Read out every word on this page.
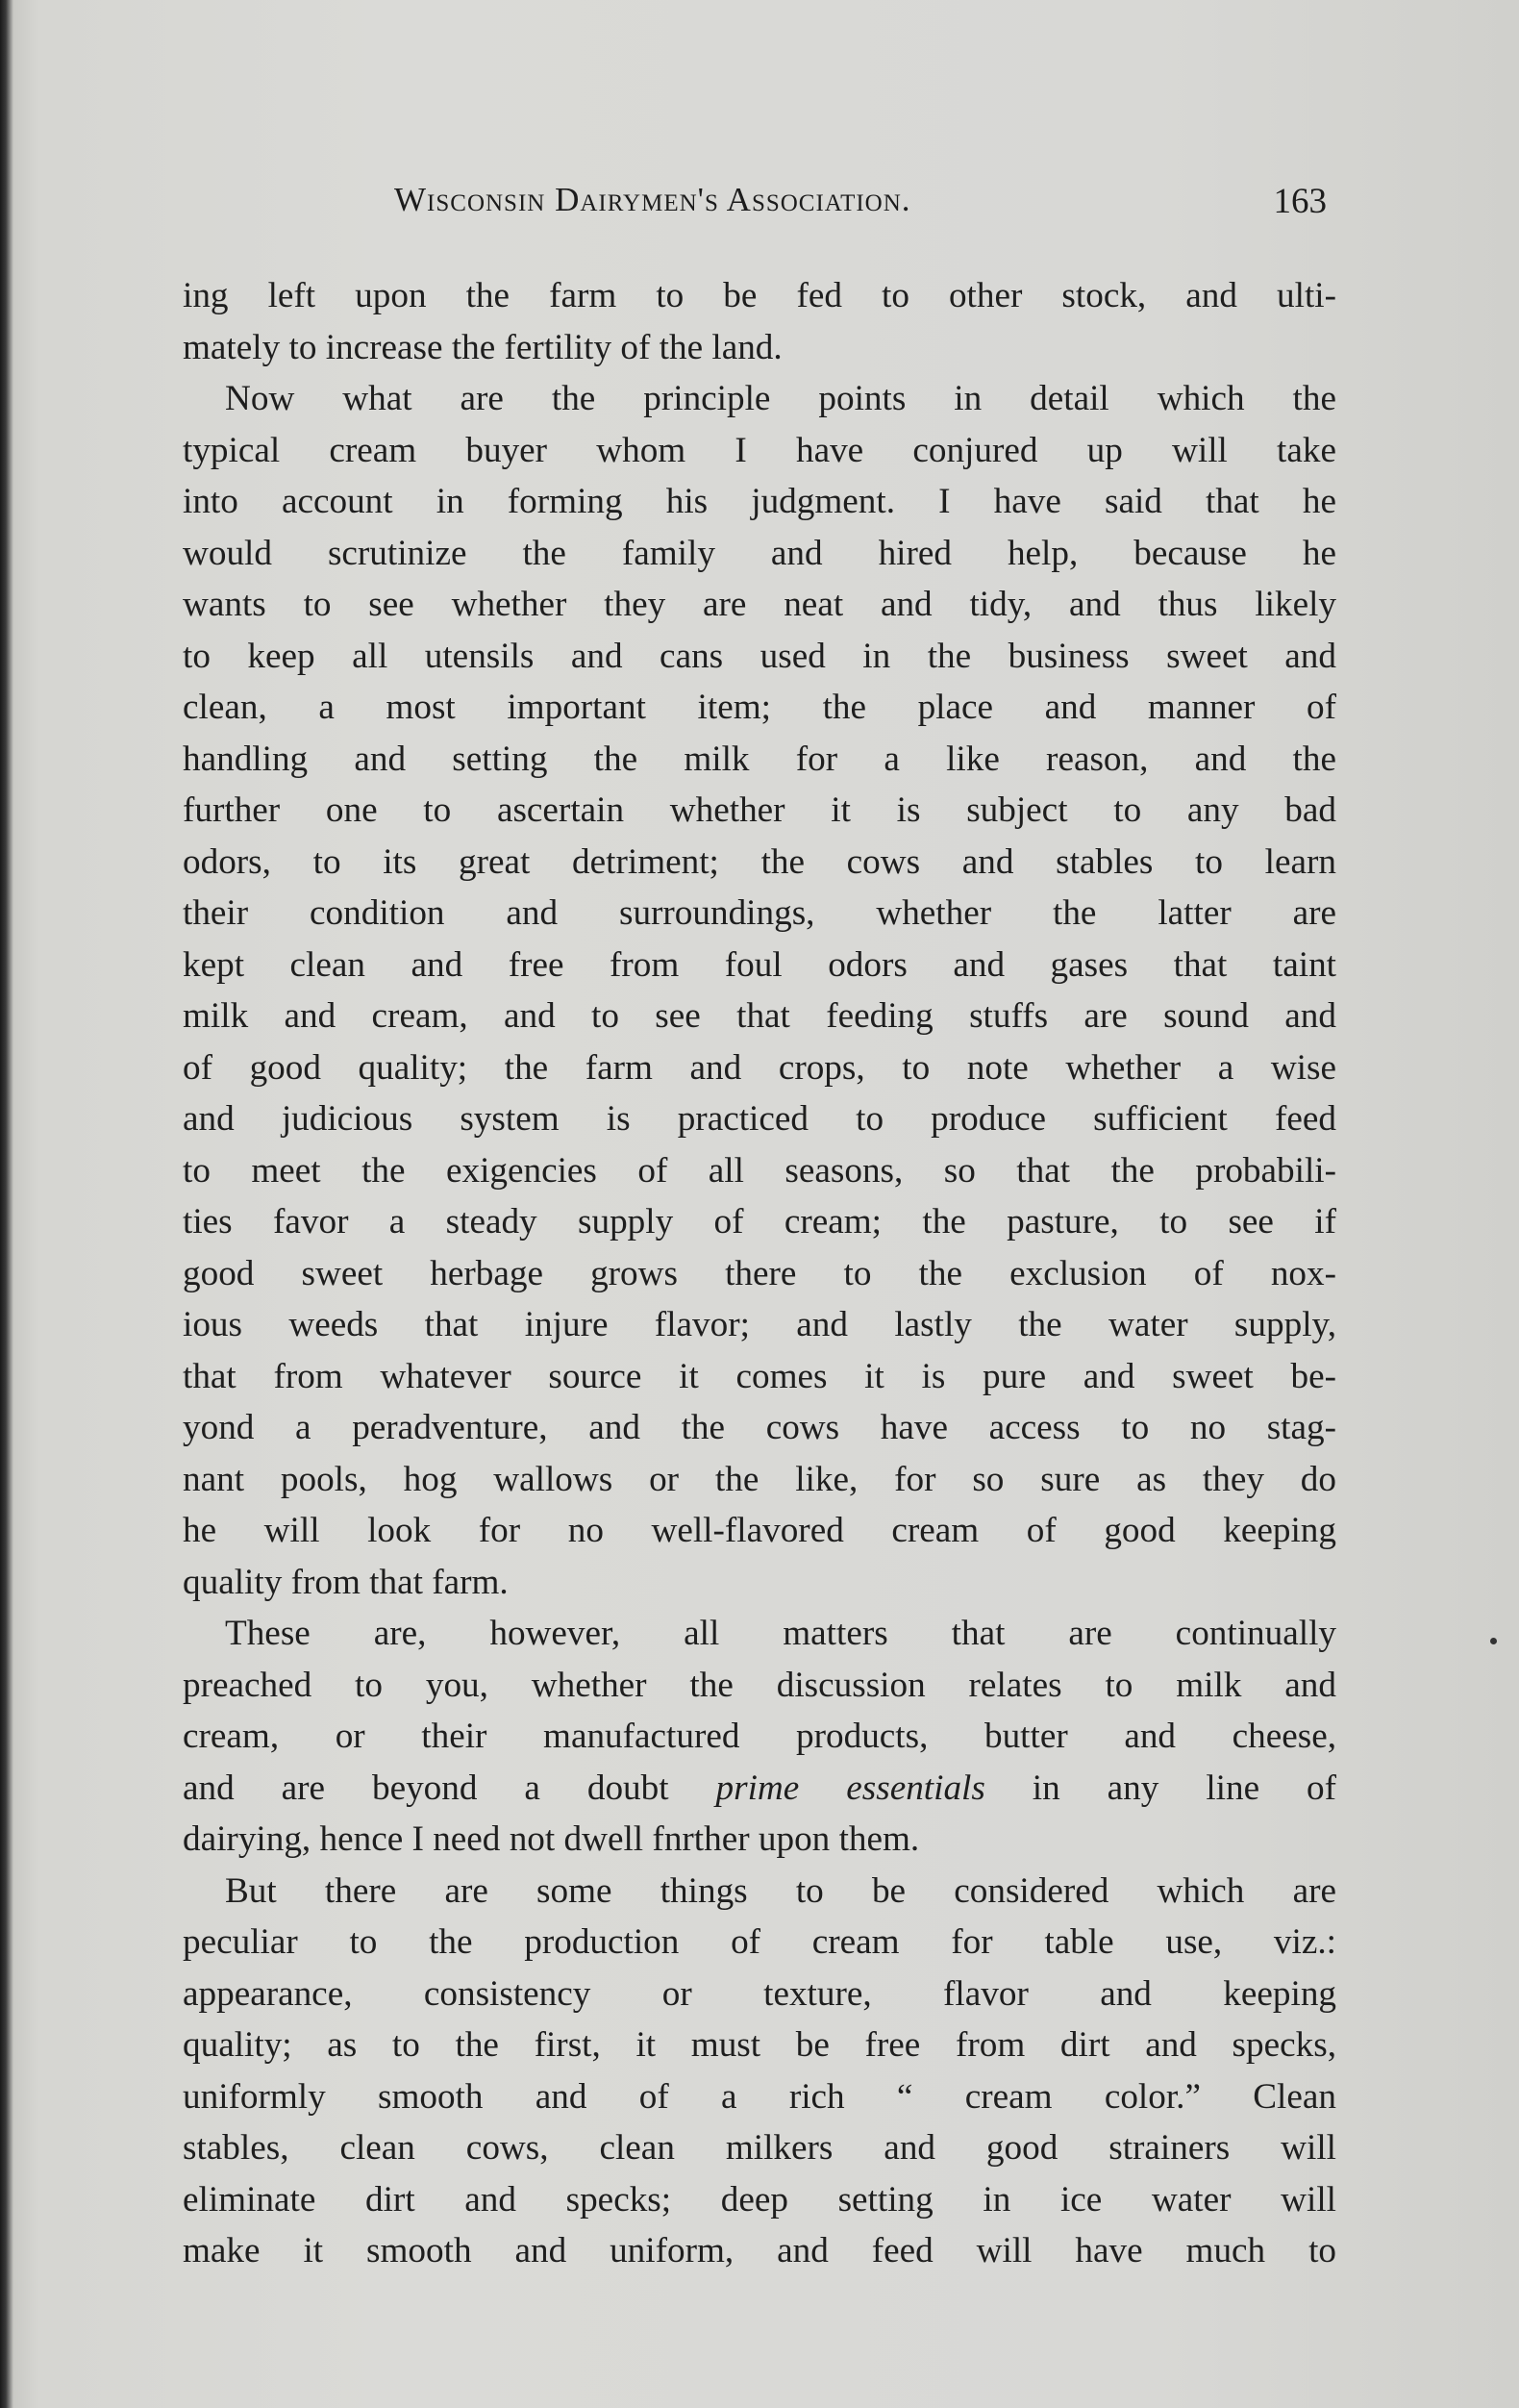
Wisconsin Dairymen's Association.	163
ing left upon the farm to be fed to other stock, and ulti-
mately to increase the fertility of the land.
Now what are the principle points in detail which the
typical cream buyer whom I have conjured up will take
into account in forming his judgment. I have said that he
would scrutinize the family and hired help, because he
wants to see whether they are neat and tidy, and thus likely
to keep all utensils and cans used in the business sweet and
clean, a most important item; the place and manner of
handling and setting the milk for a like reason, and the
further one to ascertain whether it is subject to any bad
odors, to its great detriment; the cows and stables to learn
their condition and surroundings, whether the latter are
kept clean and free from foul odors and gases that taint
milk and cream, and to see that feeding stuffs are sound and
of good quality; the farm and crops, to note whether a wise
and judicious system is practiced to produce sufficient feed
to meet the exigencies of all seasons, so that the probabili-
ties favor a steady supply of cream; the pasture, to see if
good sweet herbage grows there to the exclusion of nox-
ious weeds that injure flavor; and lastly the water supply,
that from whatever source it comes it is pure and sweet be-
yond a peradventure, and the cows have access to no stag-
nant pools, hog wallows or the like, for so sure as they do
he will look for no well-flavored cream of good keeping
quality from that farm.
These are, however, all matters that are continually
preached to you, whether the discussion relates to milk and
cream, or their manufactured products, butter and cheese,
and are beyond a doubt prime essentials in any line of
dairying, hence I need not dwell fnrther upon them.
But there are some things to be considered which are
peculiar to the production of cream for table use, viz.:
appearance, consistency or texture, flavor and keeping
quality; as to the first, it must be free from dirt and specks,
uniformly smooth and of a rich “ cream color.” Clean
stables, clean cows, clean milkers and good strainers will
eliminate dirt and specks; deep setting in ice water will
make it smooth and uniform, and feed will have much to
